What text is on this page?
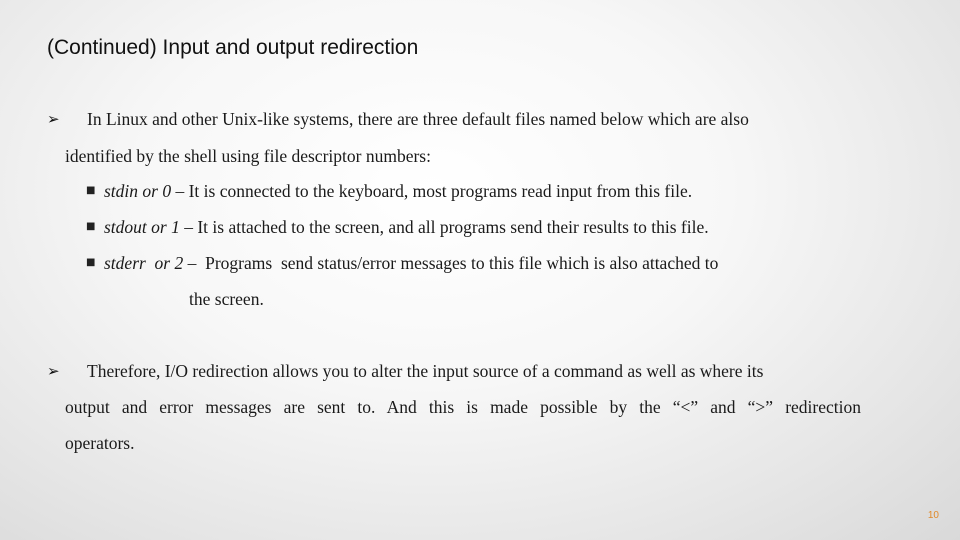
(Continued) Input and output redirection
➢ In Linux and other Unix-like systems, there are three default files named below which are also
identified by the shell using file descriptor numbers:
■ stdin or 0 – It is connected to the keyboard, most programs read input from this file.
■ stdout or 1 – It is attached to the screen, and all programs send their results to this file.
■ stderr  or 2 –  Programs  send status/error messages to this file which is also attached to
the screen.
➢ Therefore, I/O redirection allows you to alter the input source of a command as well as where its
output and error messages are sent to. And this is made possible by the “<” and “>” redirection
operators.
10
